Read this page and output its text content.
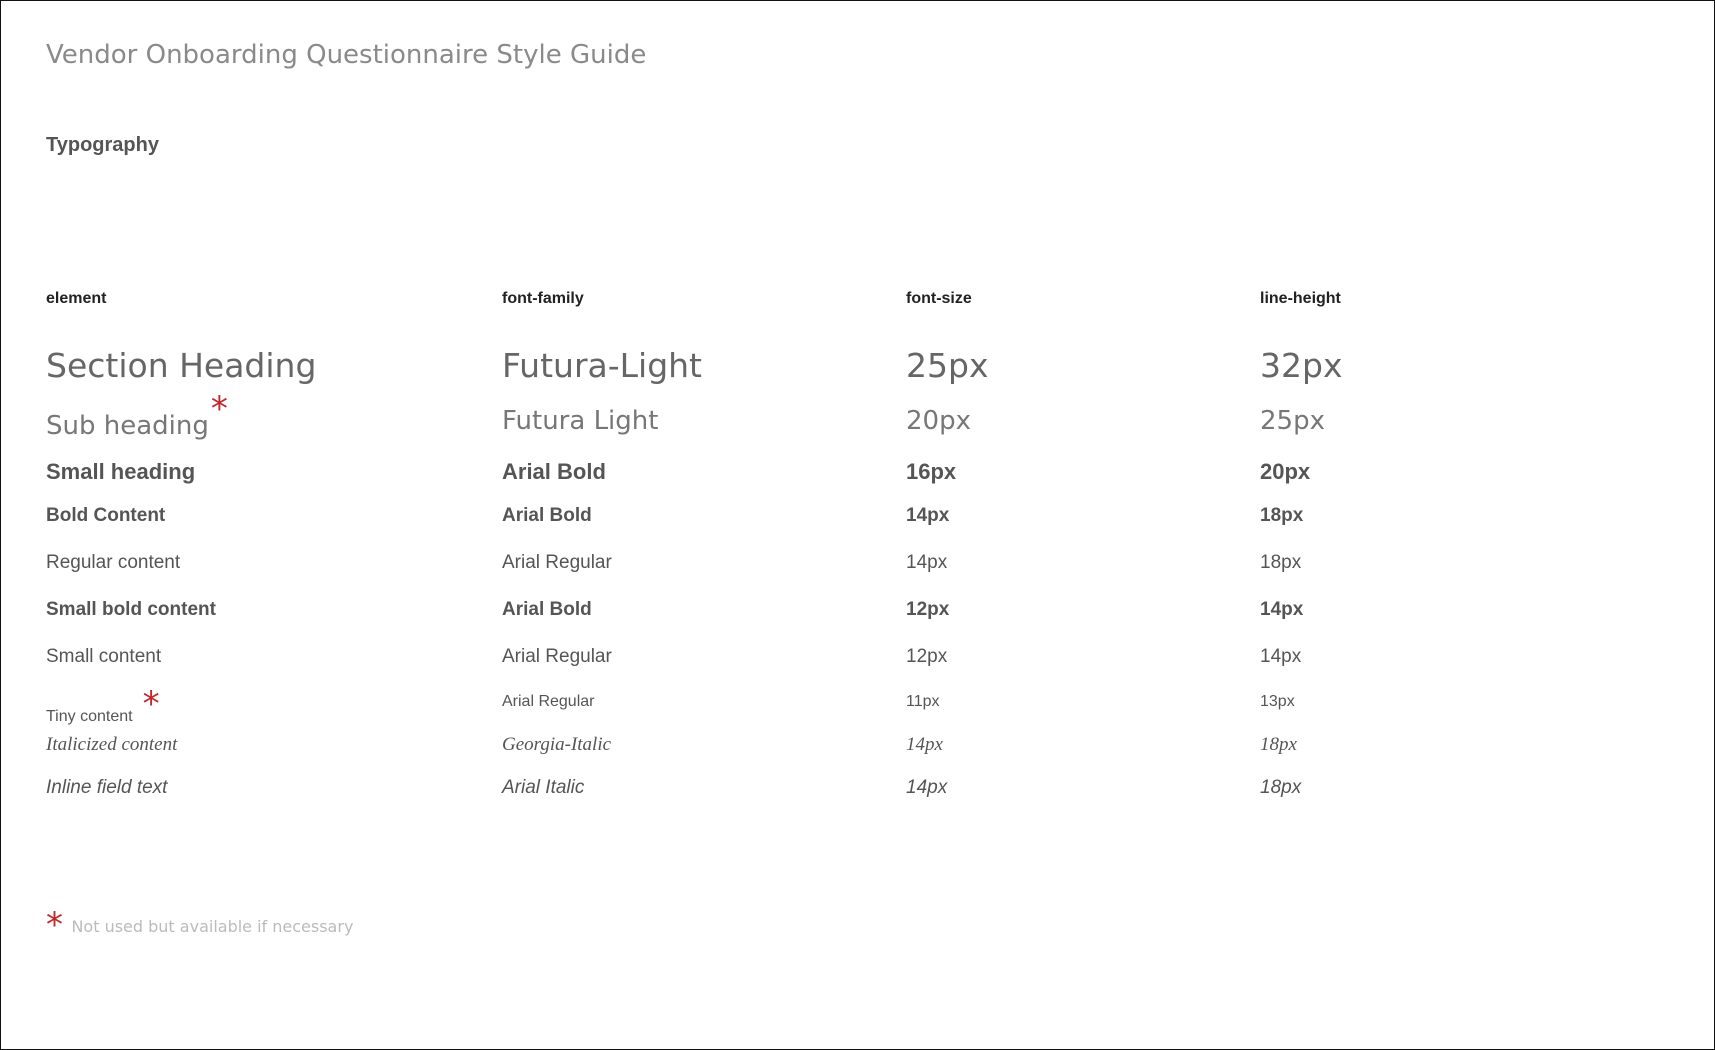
Vendor Onboarding Questionnaire Style Guide
Typography
element	font-family	font-size	line-height
Section Heading	Futura-Light	25px	32px
Sub heading*	Futura Light	20px	25px
Small heading	Arial Bold	16px	20px
Bold Content	Arial Bold	14px	18px
Regular content	Arial Regular	14px	18px
Small bold content	Arial Bold	12px	14px
Small content	Arial Regular	12px	14px
Tiny content *	Arial Regular	11px	13px
Italicized content	Georgia-Italic	14px	18px
Inline field text	Arial Italic	14px	18px
* Not used but available if necessary
